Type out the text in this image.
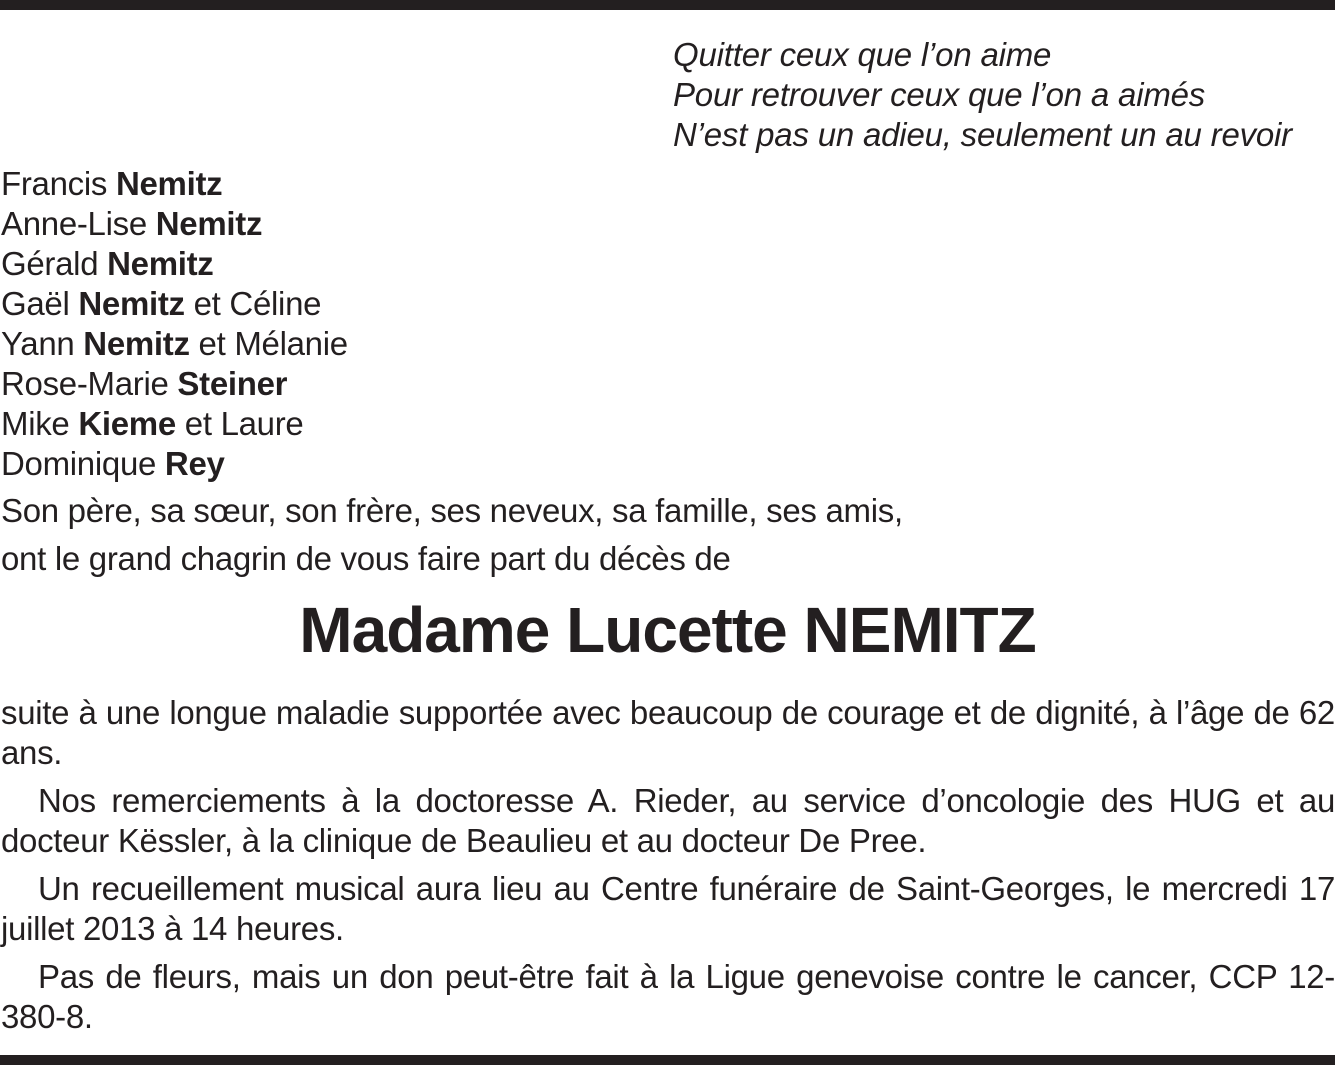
Quitter ceux que l’on aime
Pour retrouver ceux que l’on a aimés
N’est pas un adieu, seulement un au revoir
Francis Nemitz
Anne-Lise Nemitz
Gérald Nemitz
Gaël Nemitz et Céline
Yann Nemitz et Mélanie
Rose-Marie Steiner
Mike Kieme et Laure
Dominique Rey
Son père, sa sœur, son frère, ses neveux, sa famille, ses amis,
ont le grand chagrin de vous faire part du décès de
Madame Lucette NEMITZ

suite à une longue maladie supportée avec beaucoup de courage et de dignité, à l’âge de 62 ans.

Nos remerciements à la doctoresse A. Rieder, au service d’oncologie des HUG et au docteur Këssler, à la clinique de Beaulieu et au docteur De Pree.

Un recueillement musical aura lieu au Centre funéraire de Saint-Georges, le mercredi 17 juillet 2013 à 14 heures.

Pas de fleurs, mais un don peut-être fait à la Ligue genevoise contre le cancer, CCP 12-380-8.
